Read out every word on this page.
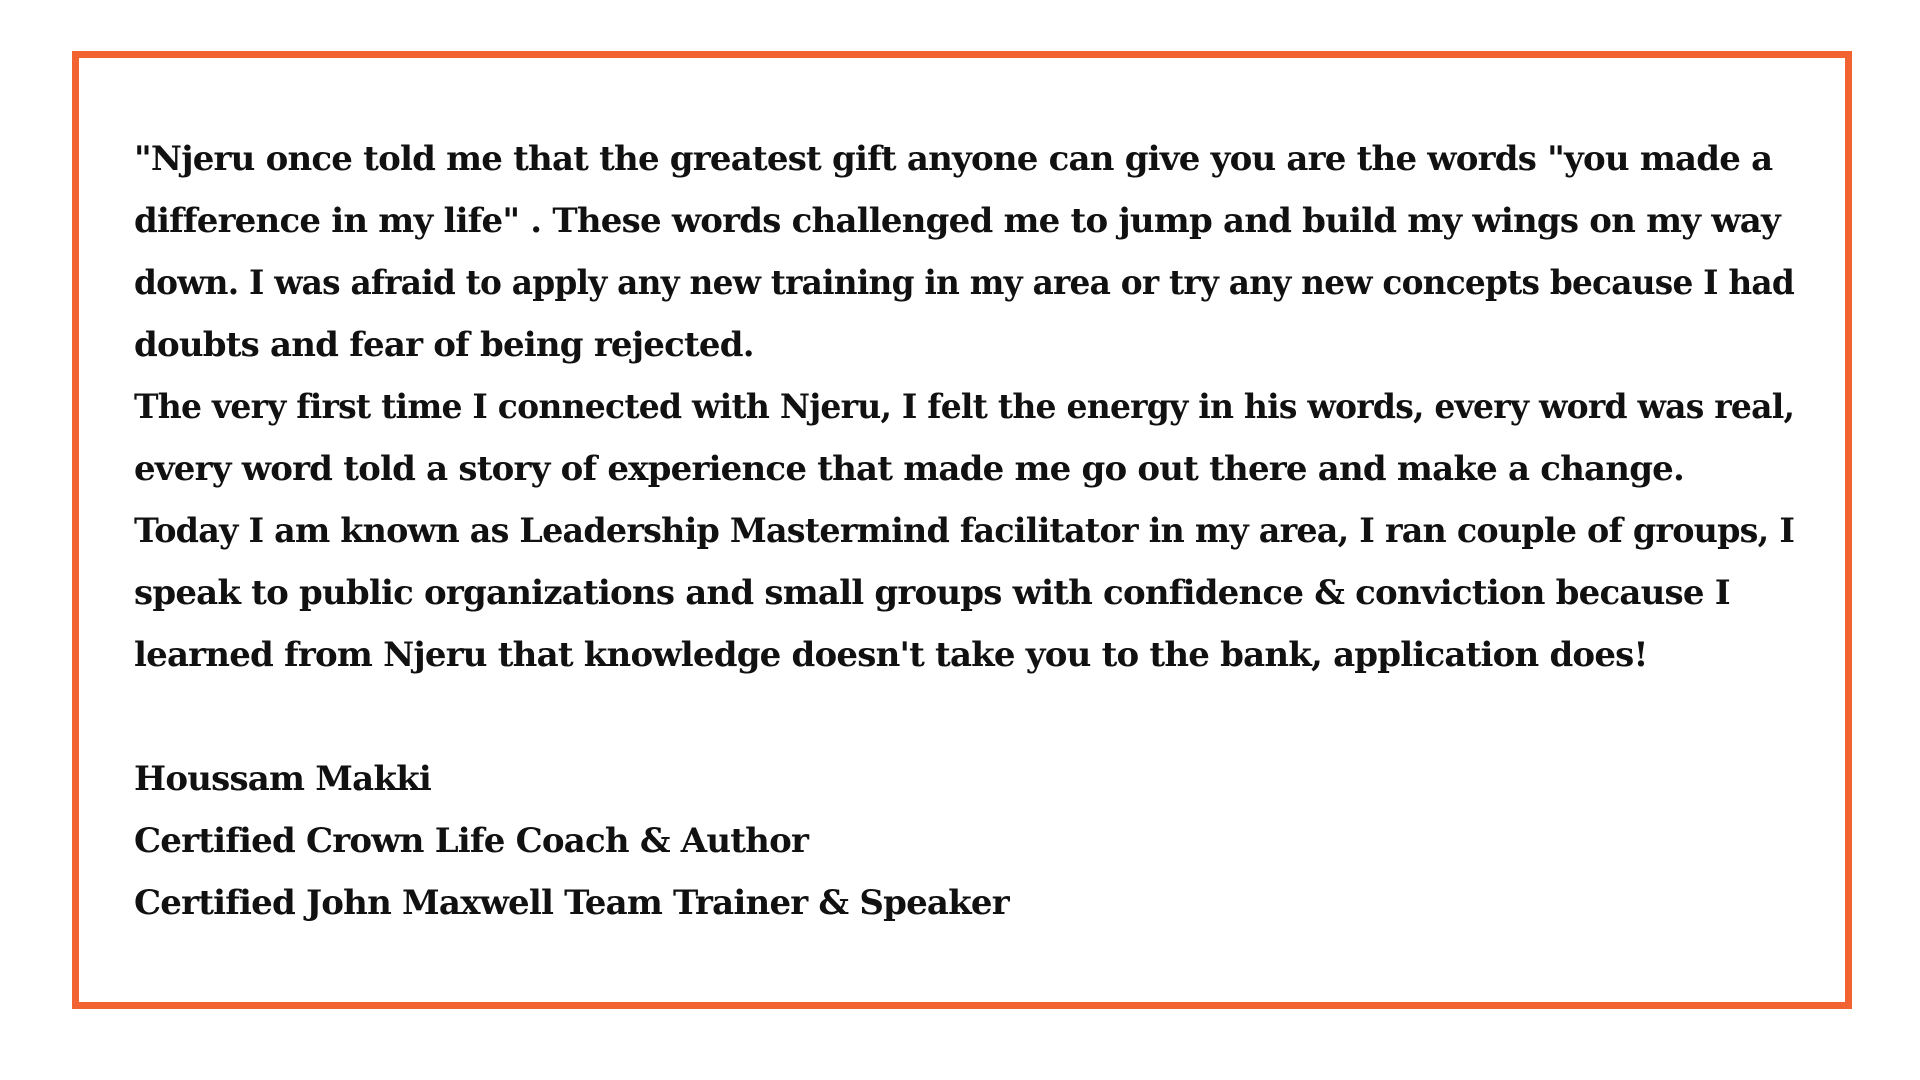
"Njeru once told me that the greatest gift anyone can give you are the words "you made a
difference in my life" . These words challenged me to jump and build my wings on my way
down. I was afraid to apply any new training in my area or try any new concepts because I had
doubts and fear of being rejected.
The very first time I connected with Njeru, I felt the energy in his words, every word was real,
every word told a story of experience that made me go out there and make a change.
Today I am known as Leadership Mastermind facilitator in my area, I ran couple of groups, I
speak to public organizations and small groups with confidence & conviction because I
learned from Njeru that knowledge doesn't take you to the bank, application does!
Houssam Makki
Certified Crown Life Coach & Author
Certified John Maxwell Team Trainer & Speaker
